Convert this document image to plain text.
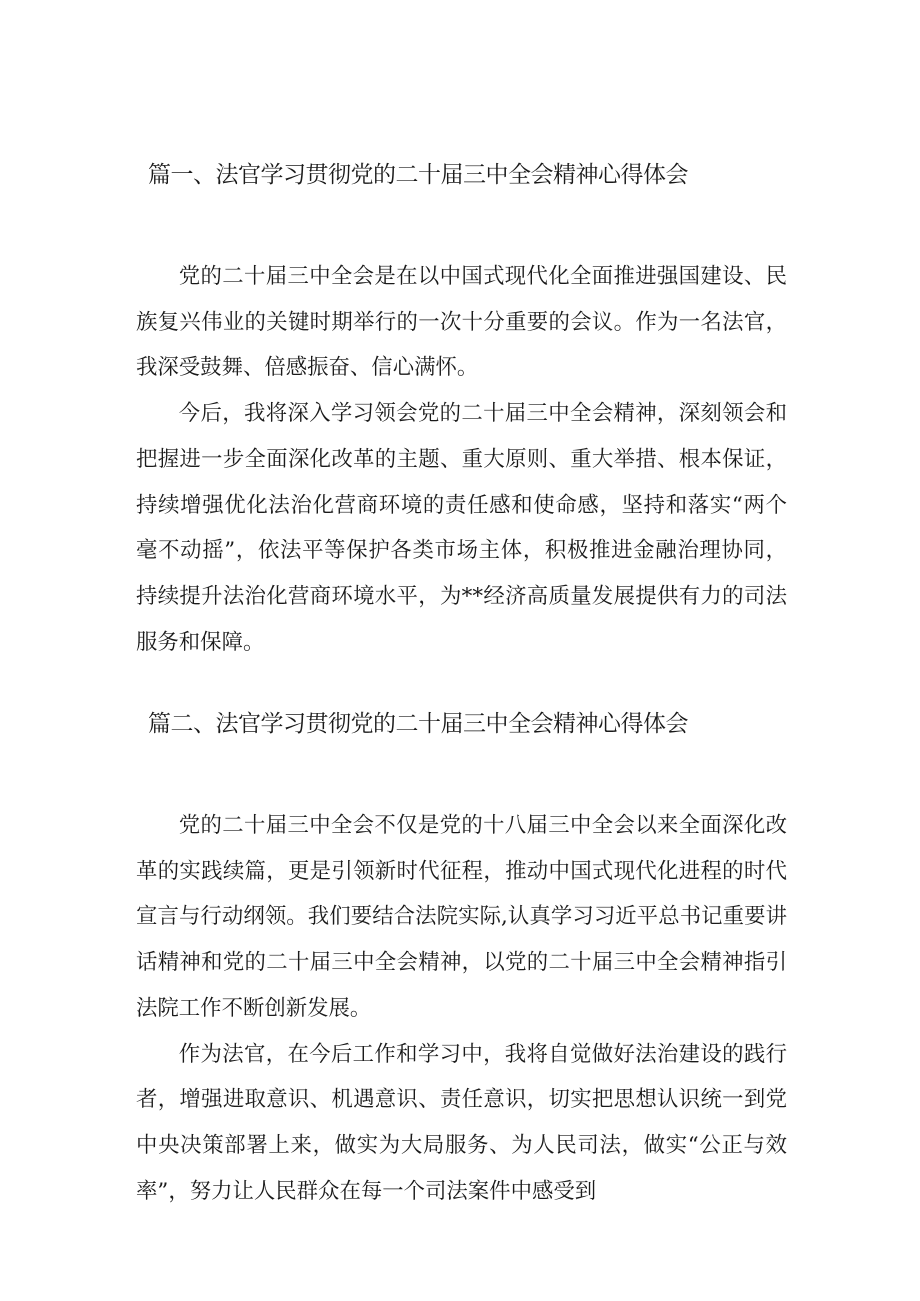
篇一、法官学习贯彻党的二十届三中全会精神心得体会

党的二十届三中全会是在以中国式现代化全面推进强国建设、民族复兴伟业的关键时期举行的一次十分重要的会议。作为一名法官，我深受鼓舞、倍感振奋、信心满怀。

今后，我将深入学习领会党的二十届三中全会精神，深刻领会和把握进一步全面深化改革的主题、重大原则、重大举措、根本保证，持续增强优化法治化营商环境的责任感和使命感，坚持和落实“两个毫不动摇”，依法平等保护各类市场主体，积极推进金融治理协同，持续提升法治化营商环境水平，为**经济高质量发展提供有力的司法服务和保障。

篇二、法官学习贯彻党的二十届三中全会精神心得体会

党的二十届三中全会不仅是党的十八届三中全会以来全面深化改革的实践续篇，更是引领新时代征程，推动中国式现代化进程的时代宣言与行动纲领。我们要结合法院实际,认真学习习近平总书记重要讲话精神和党的二十届三中全会精神，以党的二十届三中全会精神指引法院工作不断创新发展。

作为法官，在今后工作和学习中，我将自觉做好法治建设的践行者，增强进取意识、机遇意识、责任意识，切实把思想认识统一到党中央决策部署上来，做实为大局服务、为人民司法，做实“公正与效率”，努力让人民群众在每一个司法案件中感受到
